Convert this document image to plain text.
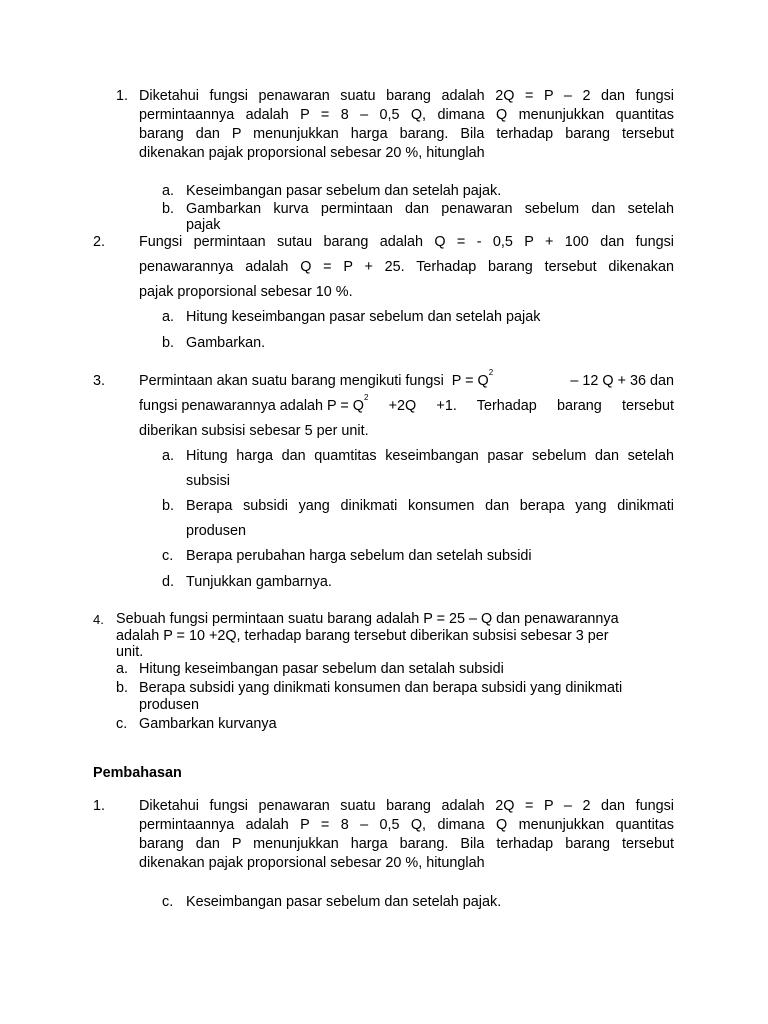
1. Diketahui fungsi penawaran suatu barang adalah 2Q = P – 2 dan fungsi
permintaannya adalah P = 8 – 0,5 Q, dimana Q menunjukkan quantitas
barang dan P menunjukkan harga barang. Bila terhadap barang tersebut
dikenakan pajak proporsional sebesar 20 %, hitunglah
a. Keseimbangan pasar sebelum dan setelah pajak.
b. Gambarkan kurva permintaan dan penawaran sebelum dan setelah
pajak
2. Fungsi permintaan sutau barang adalah Q = - 0,5 P + 100 dan fungsi
penawarannya adalah Q = P + 25. Terhadap barang tersebut dikenakan
pajak proporsional sebesar 10 %.
a. Hitung keseimbangan pasar sebelum dan setelah pajak
b. Gambarkan.
3. Permintaan akan suatu barang mengikuti fungsi  P = Q
2
– 12 Q + 36 dan
fungsi penawarannya adalah P = Q
2
+2Q +1. Terhadap barang tersebut
diberikan subsisi sebesar 5 per unit.
a. Hitung harga dan quamtitas keseimbangan pasar sebelum dan setelah
subsisi
b. Berapa subsidi yang dinikmati konsumen dan berapa yang dinikmati
produsen
c. Berapa perubahan harga sebelum dan setelah subsidi
d. Tunjukkan gambarnya.
4. Sebuah fungsi permintaan suatu barang adalah P = 25 – Q dan penawarannya
adalah P = 10 +2Q, terhadap barang tersebut diberikan subsisi sebesar 3 per
unit.
a. Hitung keseimbangan pasar sebelum dan setalah subsidi
b. Berapa subsidi yang dinikmati konsumen dan berapa subsidi yang dinikmati
produsen
c. Gambarkan kurvanya
Pembahasan
1. Diketahui fungsi penawaran suatu barang adalah 2Q = P – 2 dan fungsi
permintaannya adalah P = 8 – 0,5 Q, dimana Q menunjukkan quantitas
barang dan P menunjukkan harga barang. Bila terhadap barang tersebut
dikenakan pajak proporsional sebesar 20 %, hitunglah
c. Keseimbangan pasar sebelum dan setelah pajak.
